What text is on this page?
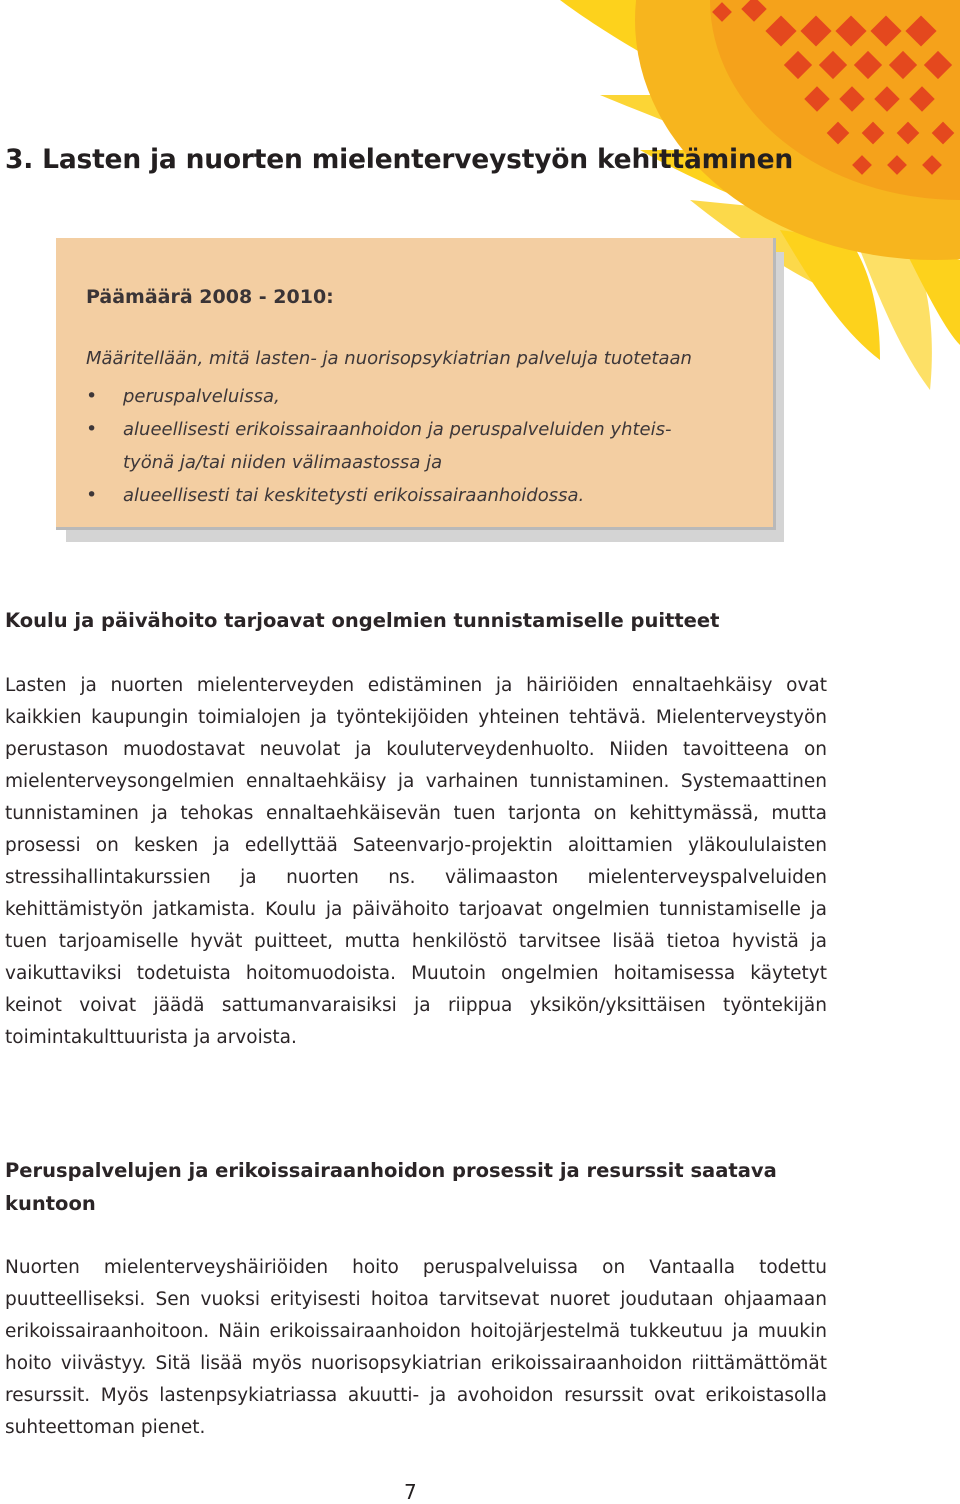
3. Lasten ja nuorten mielenterveystyön kehittäminen
Päämäärä 2008 - 2010:
Määritellään, mitä lasten- ja nuorisopsykiatrian palveluja tuotetaan
• peruspalveluissa,
• alueellisesti erikoissairaanhoidon ja peruspalveluiden yhteis-
työnä ja/tai niiden välimaastossa ja
• alueellisesti tai keskitetysti erikoissairaanhoidossa.
Koulu ja päivähoito tarjoavat ongelmien tunnistamiselle puitteet

Lasten ja nuorten mielenterveyden edistäminen ja häiriöiden ennaltaehkäisy ovat kaikkien kaupungin toimialojen ja työntekijöiden yhteinen tehtävä. Mielenterveystyön perustason muodostavat neuvolat ja kouluterveydenhuolto. Niiden tavoitteena on mielenterveysongelmien ennaltaehkäisy ja varhainen tunnistaminen. Systemaattinen tunnistaminen ja tehokas ennaltaehkäisevän tuen tarjonta on kehittymässä, mutta prosessi on kesken ja edellyttää Sateenvarjo-projektin aloittamien yläkoululaisten stressihallintakurssien ja nuorten ns. välimaaston mielenterveyspalveluiden kehittämistyön jatkamista. Koulu ja päivähoito tarjoavat ongelmien tunnistamiselle ja tuen tarjoamiselle hyvät puitteet, mutta henkilöstö tarvitsee lisää tietoa hyvistä ja vaikuttaviksi todetuista hoitomuodoista. Muutoin ongelmien hoitamisessa käytetyt keinot voivat jäädä sattumanvaraisiksi ja riippua yksikön/yksittäisen työntekijän toimintakulttuurista ja arvoista.

Peruspalvelujen ja erikoissairaanhoidon prosessit ja resurssit saatava kuntoon

Nuorten mielenterveyshäiriöiden hoito peruspalveluissa on Vantaalla todettu puutteelliseksi. Sen vuoksi erityisesti hoitoa tarvitsevat nuoret joudutaan ohjaamaan erikoissairaanhoitoon. Näin erikoissairaanhoidon hoitojärjestelmä tukkeutuu ja muukin hoito viivästyy. Sitä lisää myös nuorisopsykiatrian erikoissairaanhoidon riittämättömät resurssit. Myös lastenpsykiatriassa akuutti- ja avohoidon resurssit ovat erikoistasolla suhteettoman pienet.

7
